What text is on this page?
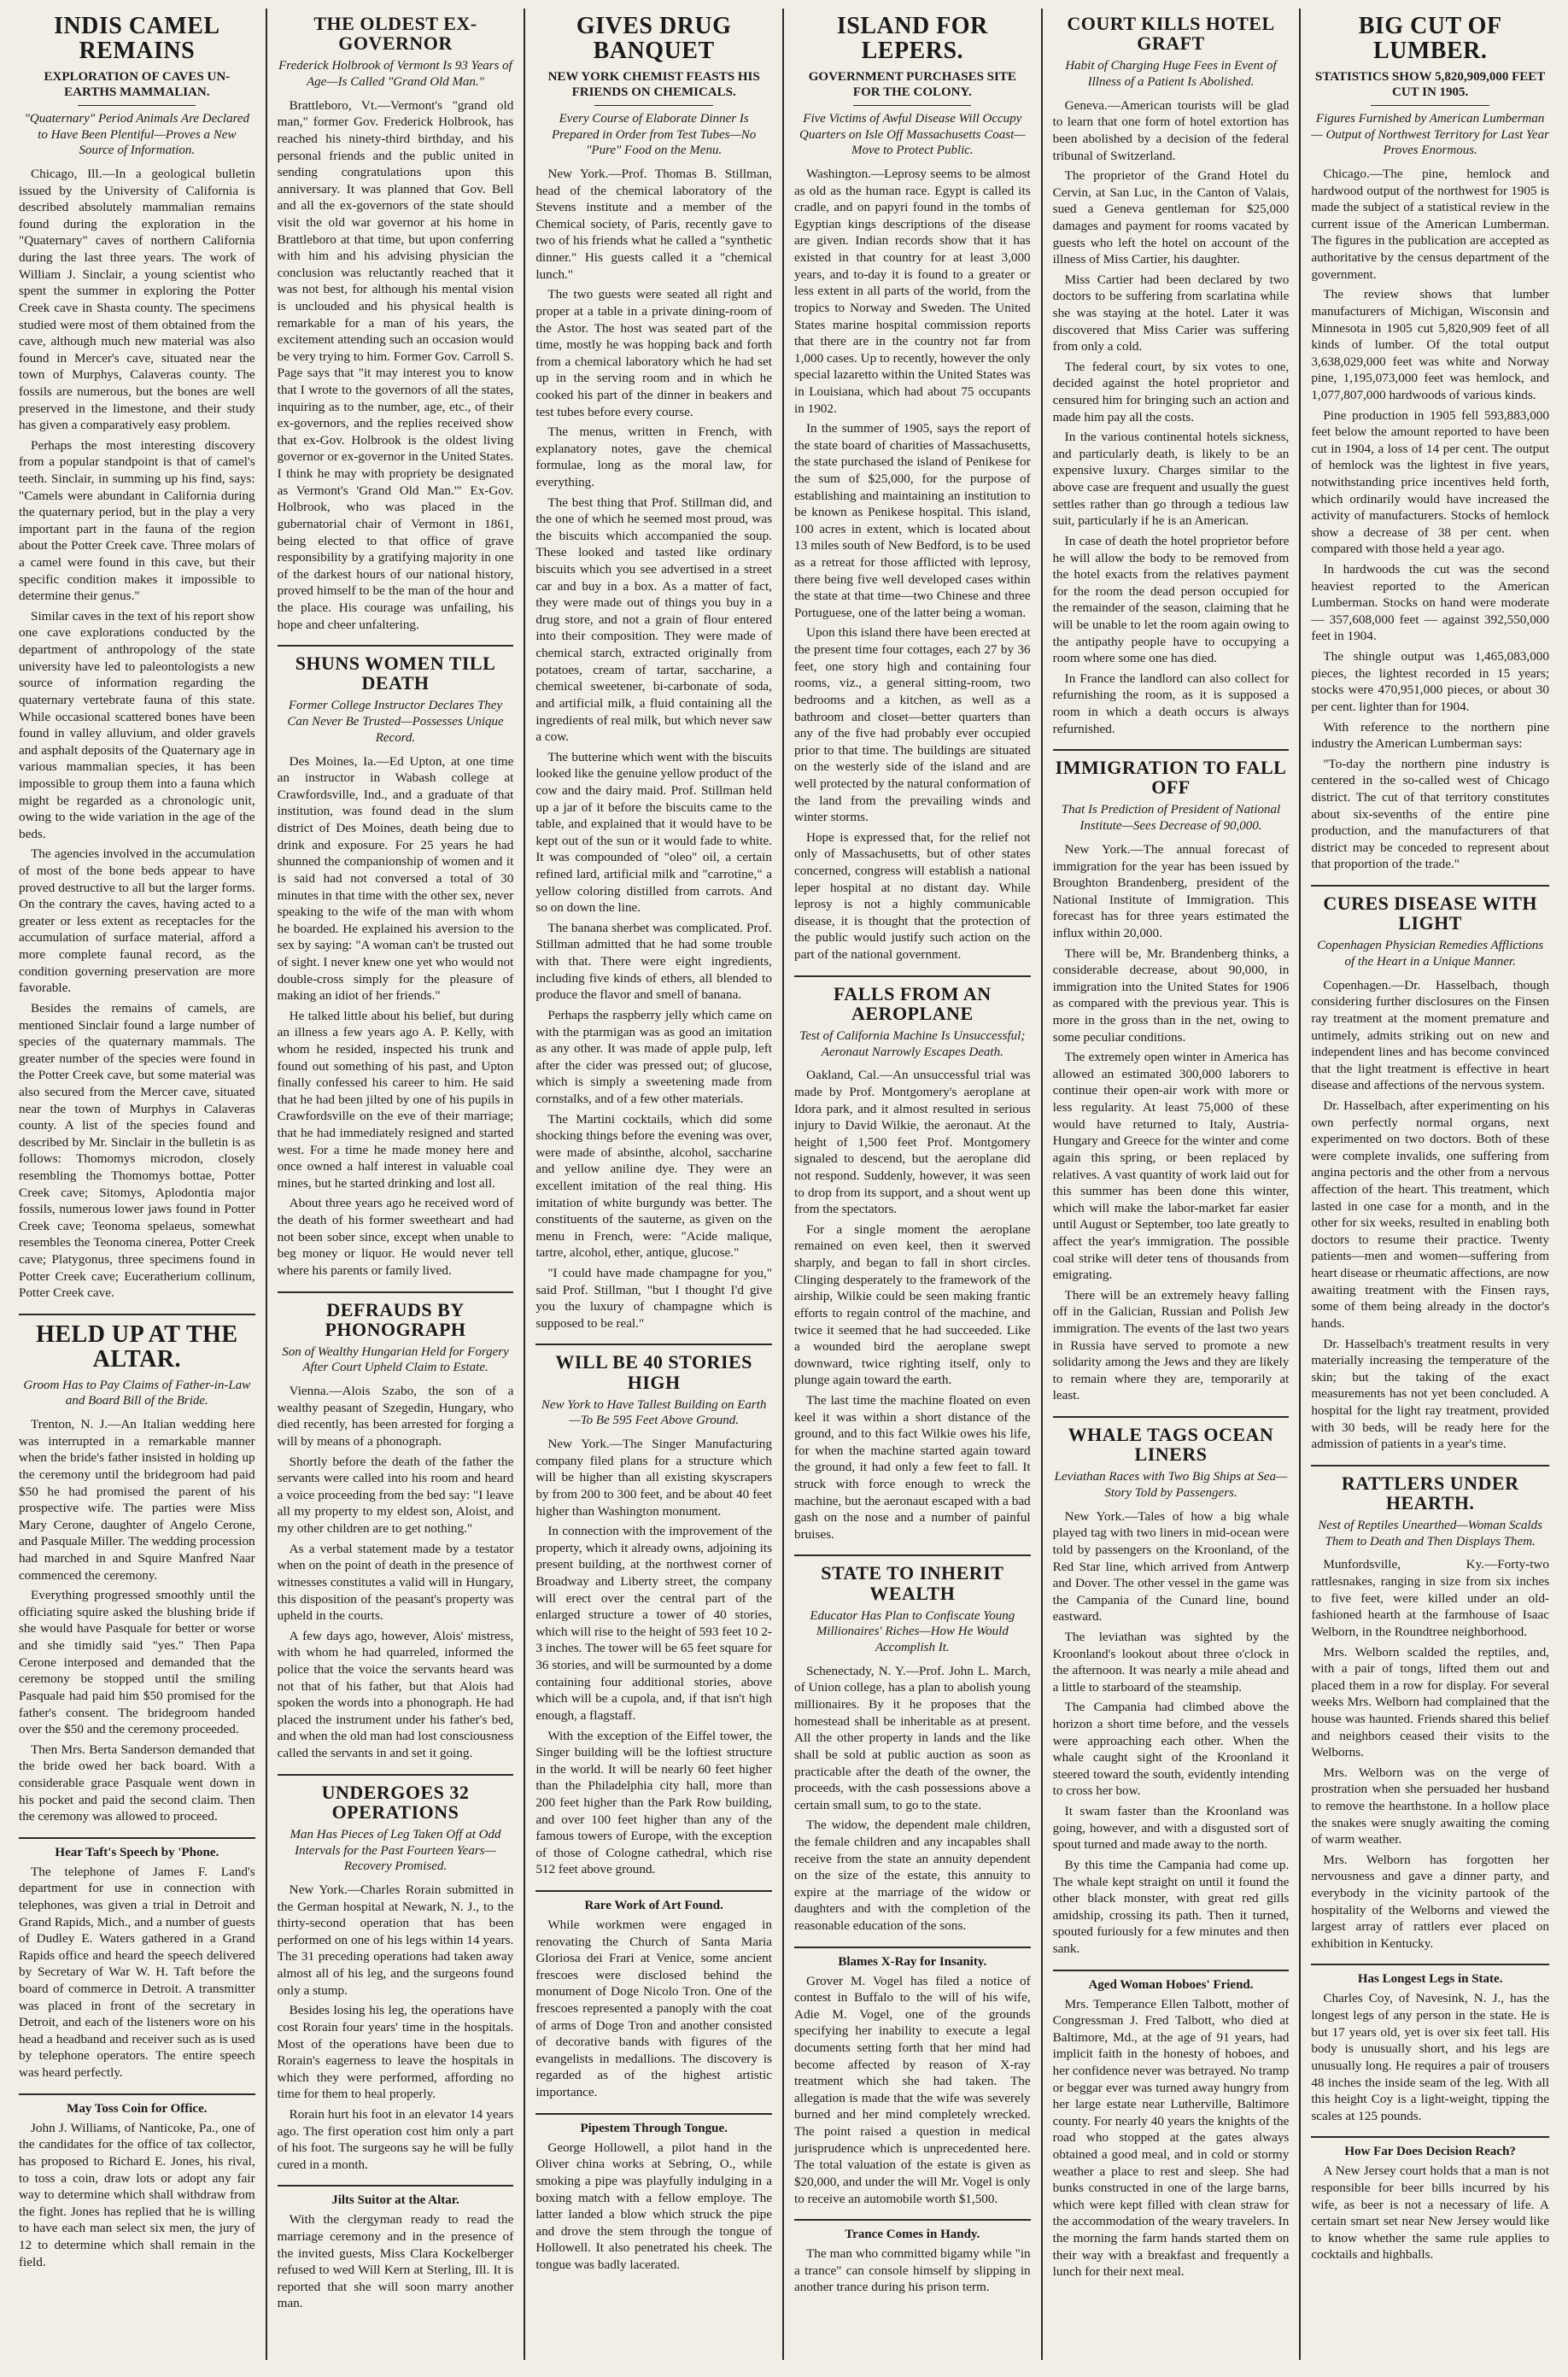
INDIS CAMEL REMAINS
EXPLORATION OF CAVES UN-EARTHS MAMMALIAN.
"Quaternary" Period Animals Are Declared to Have Been Plentiful—Proves a New Source of Information.

Chicago, Ill.—In a geological bulletin issued by the University of California is described absolutely mammalian remains found during the exploration in the "Quaternary" caves of northern California during the last three years. The work of William J. Sinclair, a young scientist who spent the summer in exploring the Potter Creek cave in Shasta county. The specimens studied were most of them obtained from the cave, although much new material was also found in Mercer's cave, situated near the town of Murphys, Calaveras county. The fossils are numerous, but the bones are well preserved in the limestone, and their study has given a comparatively easy problem.

Perhaps the most interesting discovery from a popular standpoint is that of camel's teeth. Sinclair, in summing up his find, says: "Camels were abundant in California during the quaternary period, but in the play a very important part in the fauna of the region about the Potter Creek cave. Three molars of a camel were found in this cave, but their specific condition makes it impossible to determine their genus."

Similar caves in the text of his report show one cave explorations conducted by the department of anthropology of the state university have led to paleontologists a new source of information regarding the quaternary vertebrate fauna of this state. While occasional scattered bones have been found in valley alluvium, and older gravels and asphalt deposits of the Quaternary age in various mammalian species, it has been impossible to group them into a fauna which might be regarded as a chronologic unit, owing to the wide variation in the age of the beds.

The agencies involved in the accumulation of most of the bone beds appear to have proved destructive to all but the larger forms. On the contrary the caves, having acted to a greater or less extent as receptacles for the accumulation of surface material, afford a more complete faunal record, as the condition governing preservation are more favorable.

Besides the remains of camels, are mentioned Sinclair found a large number of species of the quaternary mammals. The greater number of the species were found in the Potter Creek cave, but some material was also secured from the Mercer cave, situated near the town of Murphys in Calaveras county. A list of the species found and described by Mr. Sinclair in the bulletin is as follows: Thomomys microdon, closely resembling the Thomomys bottae, Potter Creek cave; Sitomys, Aplodontia major fossils, numerous lower jaws found in Potter Creek cave; Teonoma spelaeus, somewhat resembles the Teonoma cinerea, Potter Creek cave; Platygonus, three specimens found in Potter Creek cave; Euceratherium collinum, Potter Creek cave.

HELD UP AT THE ALTAR.
Groom Has to Pay Claims of Father-in-Law and Board Bill of the Bride.

Trenton, N. J.—An Italian wedding here was interrupted in a remarkable manner when the bride's father insisted in holding up the ceremony until the bridegroom had paid $50 he had promised the parent of his prospective wife. The parties were Miss Mary Cerone, daughter of Angelo Cerone, and Pasquale Miller. The wedding procession had marched in and Squire Manfred Naar commenced the ceremony.

Everything progressed smoothly until the officiating squire asked the blushing bride if she would have Pasquale for better or worse and she timidly said "yes." Then Papa Cerone interposed and demanded that the ceremony be stopped until the smiling Pasquale had paid him $50 promised for the father's consent. The bridegroom handed over the $50 and the ceremony proceeded.

Then Mrs. Berta Sanderson demanded that the bride owed her back board. With a considerable grace Pasquale went down in his pocket and paid the second claim. Then the ceremony was allowed to proceed.

Hear Taft's Speech by 'Phone.

The telephone of James F. Land's department for use in connection with telephones, was given a trial in Detroit and Grand Rapids, Mich., and a number of guests of Dudley E. Waters gathered in a Grand Rapids office and heard the speech delivered by Secretary of War W. H. Taft before the board of commerce in Detroit. A transmitter was placed in front of the secretary in Detroit, and each of the listeners wore on his head a headband and receiver such as is used by telephone operators. The entire speech was heard perfectly.

May Toss Coin for Office.

John J. Williams, of Nanticoke, Pa., one of the candidates for the office of tax collector, has proposed to Richard E. Jones, his rival, to toss a coin, draw lots or adopt any fair way to determine which shall withdraw from the fight. Jones has replied that he is willing to have each man select six men, the jury of 12 to determine which shall remain in the field.

THE OLDEST EX-GOVERNOR
Frederick Holbrook of Vermont Is 93 Years of Age—Is Called "Grand Old Man."

Brattleboro, Vt.—Vermont's "grand old man," former Gov. Frederick Holbrook, has reached his ninety-third birthday, and his personal friends and the public united in sending congratulations upon this anniversary. It was planned that Gov. Bell and all the ex-governors of the state should visit the old war governor at his home in Brattleboro at that time, but upon conferring with him and his advising physician the conclusion was reluctantly reached that it was not best, for although his mental vision is unclouded and his physical health is remarkable for a man of his years, the excitement attending such an occasion would be very trying to him. Former Gov. Carroll S. Page says that "it may interest you to know that I wrote to the governors of all the states, inquiring as to the number, age, etc., of their ex-governors, and the replies received show that ex-Gov. Holbrook is the oldest living governor or ex-governor in the United States. I think he may with propriety be designated as Vermont's 'Grand Old Man.'" Ex-Gov. Holbrook, who was placed in the gubernatorial chair of Vermont in 1861, being elected to that office of grave responsibility by a gratifying majority in one of the darkest hours of our national history, proved himself to be the man of the hour and the place. His courage was unfailing, his hope and cheer unfaltering.

SHUNS WOMEN TILL DEATH
Former College Instructor Declares They Can Never Be Trusted—Possesses Unique Record.

Des Moines, Ia.—Ed Upton, at one time an instructor in Wabash college at Crawfordsville, Ind., and a graduate of that institution, was found dead in the slum district of Des Moines, death being due to drink and exposure. For 25 years he had shunned the companionship of women and it is said had not conversed a total of 30 minutes in that time with the other sex, never speaking to the wife of the man with whom he boarded. He explained his aversion to the sex by saying: "A woman can't be trusted out of sight. I never knew one yet who would not double-cross simply for the pleasure of making an idiot of her friends."

He talked little about his belief, but during an illness a few years ago A. P. Kelly, with whom he resided, inspected his trunk and found out something of his past, and Upton finally confessed his career to him. He said that he had been jilted by one of his pupils in Crawfordsville on the eve of their marriage; that he had immediately resigned and started west. For a time he made money here and once owned a half interest in valuable coal mines, but he started drinking and lost all.

About three years ago he received word of the death of his former sweetheart and had not been sober since, except when unable to beg money or liquor. He would never tell where his parents or family lived.

DEFRAUDS BY PHONOGRAPH
Son of Wealthy Hungarian Held for Forgery After Court Upheld Claim to Estate.

Vienna.—Alois Szabo, the son of a wealthy peasant of Szegedin, Hungary, who died recently, has been arrested for forging a will by means of a phonograph.

Shortly before the death of the father the servants were called into his room and heard a voice proceeding from the bed say: "I leave all my property to my eldest son, Aloist, and my other children are to get nothing."

As a verbal statement made by a testator when on the point of death in the presence of witnesses constitutes a valid will in Hungary, this disposition of the peasant's property was upheld in the courts.

A few days ago, however, Alois' mistress, with whom he had quarreled, informed the police that the voice the servants heard was not that of his father, but that Alois had spoken the words into a phonograph. He had placed the instrument under his father's bed, and when the old man had lost consciousness called the servants in and set it going.

UNDERGOES 32 OPERATIONS
Man Has Pieces of Leg Taken Off at Odd Intervals for the Past Fourteen Years—Recovery Promised.

New York.—Charles Rorain submitted in the German hospital at Newark, N. J., to the thirty-second operation that has been performed on one of his legs within 14 years. The 31 preceding operations had taken away almost all of his leg, and the surgeons found only a stump.

Besides losing his leg, the operations have cost Rorain four years' time in the hospitals. Most of the operations have been due to Rorain's eagerness to leave the hospitals in which they were performed, affording no time for them to heal properly.

Rorain hurt his foot in an elevator 14 years ago. The first operation cost him only a part of his foot. The surgeons say he will be fully cured in a month.

Jilts Suitor at the Altar.

With the clergyman ready to read the marriage ceremony and in the presence of the invited guests, Miss Clara Kockelberger refused to wed Will Kern at Sterling, Ill. It is reported that she will soon marry another man.

GIVES DRUG BANQUET
NEW YORK CHEMIST FEASTS HIS FRIENDS ON CHEMICALS.
Every Course of Elaborate Dinner Is Prepared in Order from Test Tubes—No "Pure" Food on the Menu.

New York.—Prof. Thomas B. Stillman, head of the chemical laboratory of the Stevens institute and a member of the Chemical society, of Paris, recently gave to two of his friends what he called a "synthetic dinner." His guests called it a "chemical lunch."

The two guests were seated all right and proper at a table in a private dining-room of the Astor. The host was seated part of the time, mostly he was hopping back and forth from a chemical laboratory which he had set up in the serving room and in which he cooked his part of the dinner in beakers and test tubes before every course.

The menus, written in French, with explanatory notes, gave the chemical formulae, long as the moral law, for everything.

The best thing that Prof. Stillman did, and the one of which he seemed most proud, was the biscuits which accompanied the soup. These looked and tasted like ordinary biscuits which you see advertised in a street car and buy in a box. As a matter of fact, they were made out of things you buy in a drug store, and not a grain of flour entered into their composition. They were made of chemical starch, extracted originally from potatoes, cream of tartar, saccharine, a chemical sweetener, bi-carbonate of soda, and artificial milk, a fluid containing all the ingredients of real milk, but which never saw a cow.

The butterine which went with the biscuits looked like the genuine yellow product of the cow and the dairy maid. Prof. Stillman held up a jar of it before the biscuits came to the table, and explained that it would have to be kept out of the sun or it would fade to white. It was compounded of "oleo" oil, a certain refined lard, artificial milk and "carrotine," a yellow coloring distilled from carrots. And so on down the line.

The banana sherbet was complicated. Prof. Stillman admitted that he had some trouble with that. There were eight ingredients, including five kinds of ethers, all blended to produce the flavor and smell of banana.

Perhaps the raspberry jelly which came on with the ptarmigan was as good an imitation as any other. It was made of apple pulp, left after the cider was pressed out; of glucose, which is simply a sweetening made from cornstalks, and of a few other materials.

The Martini cocktails, which did some shocking things before the evening was over, were made of absinthe, alcohol, saccharine and yellow aniline dye. They were an excellent imitation of the real thing. His imitation of white burgundy was better. The constituents of the sauterne, as given on the menu in French, were: "Acide malique, tartre, alcohol, ether, antique, glucose."

"I could have made champagne for you," said Prof. Stillman, "but I thought I'd give you the luxury of champagne which is supposed to be real."

WILL BE 40 STORIES HIGH
New York to Have Tallest Building on Earth—To Be 595 Feet Above Ground.

New York.—The Singer Manufacturing company filed plans for a structure which will be higher than all existing skyscrapers by from 200 to 300 feet, and be about 40 feet higher than Washington monument.

In connection with the improvement of the property, which it already owns, adjoining its present building, at the northwest corner of Broadway and Liberty street, the company will erect over the central part of the enlarged structure a tower of 40 stories, which will rise to the height of 593 feet 10 2-3 inches. The tower will be 65 feet square for 36 stories, and will be surmounted by a dome containing four additional stories, above which will be a cupola, and, if that isn't high enough, a flagstaff.

With the exception of the Eiffel tower, the Singer building will be the loftiest structure in the world. It will be nearly 60 feet higher than the Philadelphia city hall, more than 200 feet higher than the Park Row building, and over 100 feet higher than any of the famous towers of Europe, with the exception of those of Cologne cathedral, which rise 512 feet above ground.

Rare Work of Art Found.

While workmen were engaged in renovating the Church of Santa Maria Gloriosa dei Frari at Venice, some ancient frescoes were disclosed behind the monument of Doge Nicolo Tron. One of the frescoes represented a panoply with the coat of arms of Doge Tron and another consisted of decorative bands with figures of the evangelists in medallions. The discovery is regarded as of the highest artistic importance.

Pipestem Through Tongue.

George Hollowell, a pilot hand in the Oliver china works at Sebring, O., while smoking a pipe was playfully indulging in a boxing match with a fellow employe. The latter landed a blow which struck the pipe and drove the stem through the tongue of Hollowell. It also penetrated his cheek. The tongue was badly lacerated.

ISLAND FOR LEPERS.
GOVERNMENT PURCHASES SITE FOR THE COLONY.
Five Victims of Awful Disease Will Occupy Quarters on Isle Off Massachusetts Coast—Move to Protect Public.

Washington.—Leprosy seems to be almost as old as the human race. Egypt is called its cradle, and on papyri found in the tombs of Egyptian kings descriptions of the disease are given. Indian records show that it has existed in that country for at least 3,000 years, and to-day it is found to a greater or less extent in all parts of the world, from the tropics to Norway and Sweden. The United States marine hospital commission reports that there are in the country not far from 1,000 cases. Up to recently, however the only special lazaretto within the United States was in Louisiana, which had about 75 occupants in 1902.

In the summer of 1905, says the report of the state board of charities of Massachusetts, the state purchased the island of Penikese for the sum of $25,000, for the purpose of establishing and maintaining an institution to be known as Penikese hospital. This island, 100 acres in extent, which is located about 13 miles south of New Bedford, is to be used as a retreat for those afflicted with leprosy, there being five well developed cases within the state at that time—two Chinese and three Portuguese, one of the latter being a woman.

Upon this island there have been erected at the present time four cottages, each 27 by 36 feet, one story high and containing four rooms, viz., a general sitting-room, two bedrooms and a kitchen, as well as a bathroom and closet—better quarters than any of the five had probably ever occupied prior to that time. The buildings are situated on the westerly side of the island and are well protected by the natural conformation of the land from the prevailing winds and winter storms.

Hope is expressed that, for the relief not only of Massachusetts, but of other states concerned, congress will establish a national leper hospital at no distant day. While leprosy is not a highly communicable disease, it is thought that the protection of the public would justify such action on the part of the national government.

FALLS FROM AN AEROPLANE
Test of California Machine Is Unsuccessful; Aeronaut Narrowly Escapes Death.

Oakland, Cal.—An unsuccessful trial was made by Prof. Montgomery's aeroplane at Idora park, and it almost resulted in serious injury to David Wilkie, the aeronaut. At the height of 1,500 feet Prof. Montgomery signaled to descend, but the aeroplane did not respond. Suddenly, however, it was seen to drop from its support, and a shout went up from the spectators.

For a single moment the aeroplane remained on even keel, then it swerved sharply, and began to fall in short circles. Clinging desperately to the framework of the airship, Wilkie could be seen making frantic efforts to regain control of the machine, and twice it seemed that he had succeeded. Like a wounded bird the aeroplane swept downward, twice righting itself, only to plunge again toward the earth.

The last time the machine floated on even keel it was within a short distance of the ground, and to this fact Wilkie owes his life, for when the machine started again toward the ground, it had only a few feet to fall. It struck with force enough to wreck the machine, but the aeronaut escaped with a bad gash on the nose and a number of painful bruises.

STATE TO INHERIT WEALTH
Educator Has Plan to Confiscate Young Millionaires' Riches—How He Would Accomplish It.

Schenectady, N. Y.—Prof. John L. March, of Union college, has a plan to abolish young millionaires. By it he proposes that the homestead shall be inheritable as at present. All the other property in lands and the like shall be sold at public auction as soon as practicable after the death of the owner, the proceeds, with the cash possessions above a certain small sum, to go to the state.

The widow, the dependent male children, the female children and any incapables shall receive from the state an annuity dependent on the size of the estate, this annuity to expire at the marriage of the widow or daughters and with the completion of the reasonable education of the sons.

Blames X-Ray for Insanity.

Grover M. Vogel has filed a notice of contest in Buffalo to the will of his wife, Adie M. Vogel, one of the grounds specifying her inability to execute a legal documents setting forth that her mind had become affected by reason of X-ray treatment which she had taken. The allegation is made that the wife was severely burned and her mind completely wrecked. The point raised a question in medical jurisprudence which is unprecedented here. The total valuation of the estate is given as $20,000, and under the will Mr. Vogel is only to receive an automobile worth $1,500.

Trance Comes in Handy.

The man who committed bigamy while "in a trance" can console himself by slipping in another trance during his prison term.

COURT KILLS HOTEL GRAFT
Habit of Charging Huge Fees in Event of Illness of a Patient Is Abolished.

Geneva.—American tourists will be glad to learn that one form of hotel extortion has been abolished by a decision of the federal tribunal of Switzerland.

The proprietor of the Grand Hotel du Cervin, at San Luc, in the Canton of Valais, sued a Geneva gentleman for $25,000 damages and payment for rooms vacated by guests who left the hotel on account of the illness of Miss Cartier, his daughter.

Miss Cartier had been declared by two doctors to be suffering from scarlatina while she was staying at the hotel. Later it was discovered that Miss Carier was suffering from only a cold.

The federal court, by six votes to one, decided against the hotel proprietor and censured him for bringing such an action and made him pay all the costs.

In the various continental hotels sickness, and particularly death, is likely to be an expensive luxury. Charges similar to the above case are frequent and usually the guest settles rather than go through a tedious law suit, particularly if he is an American.

In case of death the hotel proprietor before he will allow the body to be removed from the hotel exacts from the relatives payment for the room the dead person occupied for the remainder of the season, claiming that he will be unable to let the room again owing to the antipathy people have to occupying a room where some one has died.

In France the landlord can also collect for refurnishing the room, as it is supposed a room in which a death occurs is always refurnished.

IMMIGRATION TO FALL OFF
That Is Prediction of President of National Institute—Sees Decrease of 90,000.

New York.—The annual forecast of immigration for the year has been issued by Broughton Brandenberg, president of the National Institute of Immigration. This forecast has for three years estimated the influx within 20,000.

There will be, Mr. Brandenberg thinks, a considerable decrease, about 90,000, in immigration into the United States for 1906 as compared with the previous year. This is more in the gross than in the net, owing to some peculiar conditions.

The extremely open winter in America has allowed an estimated 300,000 laborers to continue their open-air work with more or less regularity. At least 75,000 of these would have returned to Italy, Austria-Hungary and Greece for the winter and come again this spring, or been replaced by relatives. A vast quantity of work laid out for this summer has been done this winter, which will make the labor-market far easier until August or September, too late greatly to affect the year's immigration. The possible coal strike will deter tens of thousands from emigrating.

There will be an extremely heavy falling off in the Galician, Russian and Polish Jew immigration. The events of the last two years in Russia have served to promote a new solidarity among the Jews and they are likely to remain where they are, temporarily at least.

WHALE TAGS OCEAN LINERS
Leviathan Races with Two Big Ships at Sea—Story Told by Passengers.

New York.—Tales of how a big whale played tag with two liners in mid-ocean were told by passengers on the Kroonland, of the Red Star line, which arrived from Antwerp and Dover. The other vessel in the game was the Campania of the Cunard line, bound eastward.

The leviathan was sighted by the Kroonland's lookout about three o'clock in the afternoon. It was nearly a mile ahead and a little to starboard of the steamship.

The Campania had climbed above the horizon a short time before, and the vessels were approaching each other. When the whale caught sight of the Kroonland it steered toward the south, evidently intending to cross her bow.

It swam faster than the Kroonland was going, however, and with a disgusted sort of spout turned and made away to the north.

By this time the Campania had come up. The whale kept straight on until it found the other black monster, with great red gills amidship, crossing its path. Then it turned, spouted furiously for a few minutes and then sank.

Aged Woman Hoboes' Friend.

Mrs. Temperance Ellen Talbott, mother of Congressman J. Fred Talbott, who died at Baltimore, Md., at the age of 91 years, had implicit faith in the honesty of hoboes, and her confidence never was betrayed. No tramp or beggar ever was turned away hungry from her large estate near Lutherville, Baltimore county. For nearly 40 years the knights of the road who stopped at the gates always obtained a good meal, and in cold or stormy weather a place to rest and sleep. She had bunks constructed in one of the large barns, which were kept filled with clean straw for the accommodation of the weary travelers. In the morning the farm hands started them on their way with a breakfast and frequently a lunch for their next meal.

BIG CUT OF LUMBER.
STATISTICS SHOW 5,820,909,000 FEET CUT IN 1905.
Figures Furnished by American Lumberman — Output of Northwest Territory for Last Year Proves Enormous.

Chicago.—The pine, hemlock and hardwood output of the northwest for 1905 is made the subject of a statistical review in the current issue of the American Lumberman. The figures in the publication are accepted as authoritative by the census department of the government.

The review shows that lumber manufacturers of Michigan, Wisconsin and Minnesota in 1905 cut 5,820,909 feet of all kinds of lumber. Of the total output 3,638,029,000 feet was white and Norway pine, 1,195,073,000 feet was hemlock, and 1,077,807,000 hardwoods of various kinds.

Pine production in 1905 fell 593,883,000 feet below the amount reported to have been cut in 1904, a loss of 14 per cent. The output of hemlock was the lightest in five years, notwithstanding price incentives held forth, which ordinarily would have increased the activity of manufacturers. Stocks of hemlock show a decrease of 38 per cent. when compared with those held a year ago.

In hardwoods the cut was the second heaviest reported to the American Lumberman. Stocks on hand were moderate — 357,608,000 feet — against 392,550,000 feet in 1904.

The shingle output was 1,465,083,000 pieces, the lightest recorded in 15 years; stocks were 470,951,000 pieces, or about 30 per cent. lighter than for 1904.

With reference to the northern pine industry the American Lumberman says:

"To-day the northern pine industry is centered in the so-called west of Chicago district. The cut of that territory constitutes about six-sevenths of the entire pine production, and the manufacturers of that district may be conceded to represent about that proportion of the trade."

CURES DISEASE WITH LIGHT
Copenhagen Physician Remedies Afflictions of the Heart in a Unique Manner.

Copenhagen.—Dr. Hasselbach, though considering further disclosures on the Finsen ray treatment at the moment premature and untimely, admits striking out on new and independent lines and has become convinced that the light treatment is effective in heart disease and affections of the nervous system.

Dr. Hasselbach, after experimenting on his own perfectly normal organs, next experimented on two doctors. Both of these were complete invalids, one suffering from angina pectoris and the other from a nervous affection of the heart. This treatment, which lasted in one case for a month, and in the other for six weeks, resulted in enabling both doctors to resume their practice. Twenty patients—men and women—suffering from heart disease or rheumatic affections, are now awaiting treatment with the Finsen rays, some of them being already in the doctor's hands.

Dr. Hasselbach's treatment results in very materially increasing the temperature of the skin; but the taking of the exact measurements has not yet been concluded. A hospital for the light ray treatment, provided with 30 beds, will be ready here for the admission of patients in a year's time.

RATTLERS UNDER HEARTH.
Nest of Reptiles Unearthed—Woman Scalds Them to Death and Then Displays Them.

Munfordsville, Ky.—Forty-two rattlesnakes, ranging in size from six inches to five feet, were killed under an old-fashioned hearth at the farmhouse of Isaac Welborn, in the Roundtree neighborhood.

Mrs. Welborn scalded the reptiles, and, with a pair of tongs, lifted them out and placed them in a row for display. For several weeks Mrs. Welborn had complained that the house was haunted. Friends shared this belief and neighbors ceased their visits to the Welborns.

Mrs. Welborn was on the verge of prostration when she persuaded her husband to remove the hearthstone. In a hollow place the snakes were snugly awaiting the coming of warm weather.

Mrs. Welborn has forgotten her nervousness and gave a dinner party, and everybody in the vicinity partook of the hospitality of the Welborns and viewed the largest array of rattlers ever placed on exhibition in Kentucky.

Has Longest Legs in State.

Charles Coy, of Navesink, N. J., has the longest legs of any person in the state. He is but 17 years old, yet is over six feet tall. His body is unusually short, and his legs are unusually long. He requires a pair of trousers 48 inches the inside seam of the leg. With all this height Coy is a light-weight, tipping the scales at 125 pounds.

How Far Does Decision Reach?

A New Jersey court holds that a man is not responsible for beer bills incurred by his wife, as beer is not a necessary of life. A certain smart set near New Jersey would like to know whether the same rule applies to cocktails and highballs.
